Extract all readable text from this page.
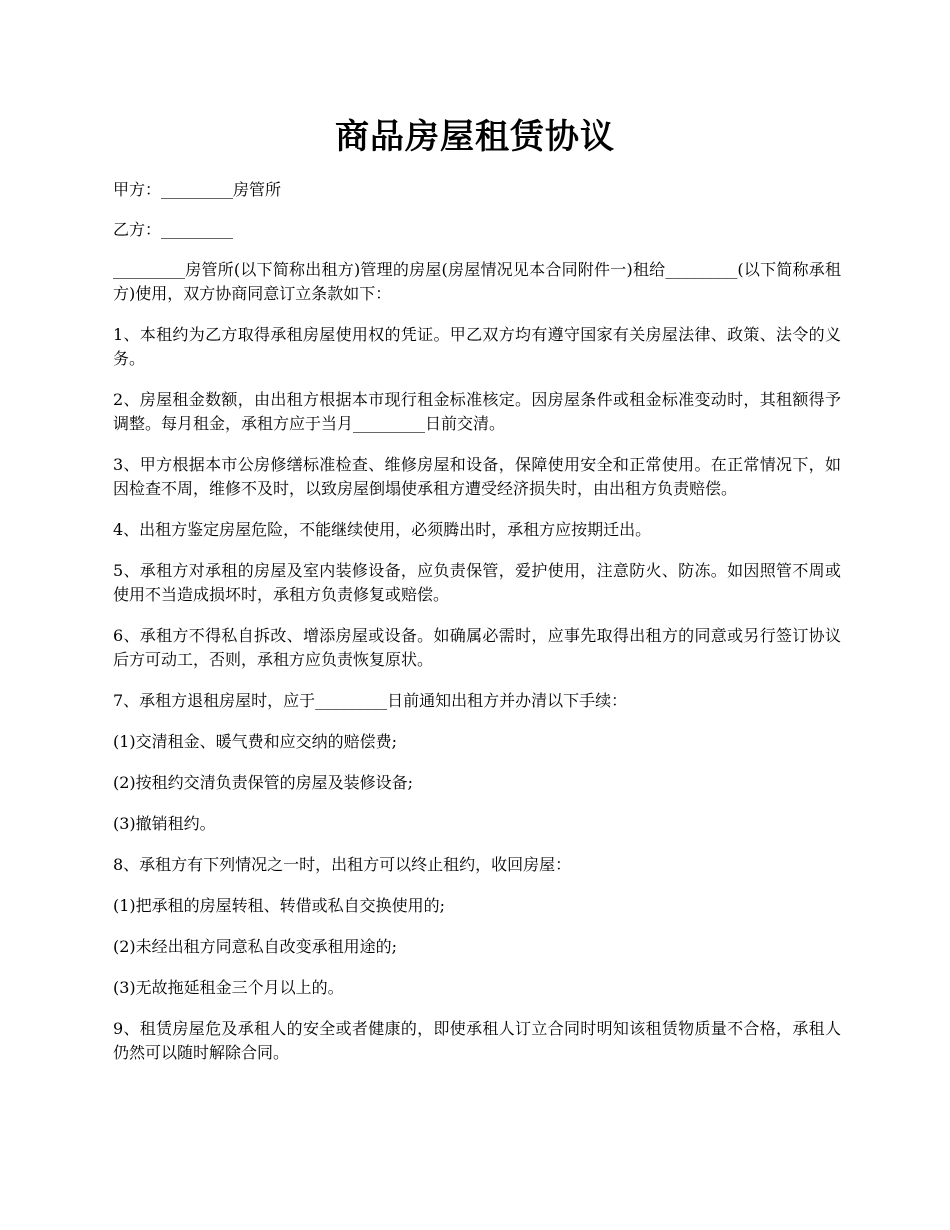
商品房屋租赁协议

甲方：_________房管所

乙方：_________

_________房管所(以下简称出租方)管理的房屋(房屋情况见本合同附件一)租给_________(以下简称承租方)使用，双方协商同意订立条款如下：

1、本租约为乙方取得承租房屋使用权的凭证。甲乙双方均有遵守国家有关房屋法律、政策、法令的义务。

2、房屋租金数额，由出租方根据本市现行租金标准核定。因房屋条件或租金标准变动时，其租额得予调整。每月租金，承租方应于当月_________日前交清。

3、甲方根据本市公房修缮标准检查、维修房屋和设备，保障使用安全和正常使用。在正常情况下，如因检查不周，维修不及时，以致房屋倒塌使承租方遭受经济损失时，由出租方负责赔偿。

4、出租方鉴定房屋危险，不能继续使用，必须腾出时，承租方应按期迁出。

5、承租方对承租的房屋及室内装修设备，应负责保管，爱护使用，注意防火、防冻。如因照管不周或使用不当造成损坏时，承租方负责修复或赔偿。

6、承租方不得私自拆改、增添房屋或设备。如确属必需时，应事先取得出租方的同意或另行签订协议后方可动工，否则，承租方应负责恢复原状。

7、承租方退租房屋时，应于_________日前通知出租方并办清以下手续：

(1)交清租金、暖气费和应交纳的赔偿费;

(2)按租约交清负责保管的房屋及装修设备;

(3)撤销租约。

8、承租方有下列情况之一时，出租方可以终止租约，收回房屋：

(1)把承租的房屋转租、转借或私自交换使用的;

(2)未经出租方同意私自改变承租用途的;

(3)无故拖延租金三个月以上的。

9、租赁房屋危及承租人的安全或者健康的，即使承租人订立合同时明知该租赁物质量不合格，承租人仍然可以随时解除合同。
